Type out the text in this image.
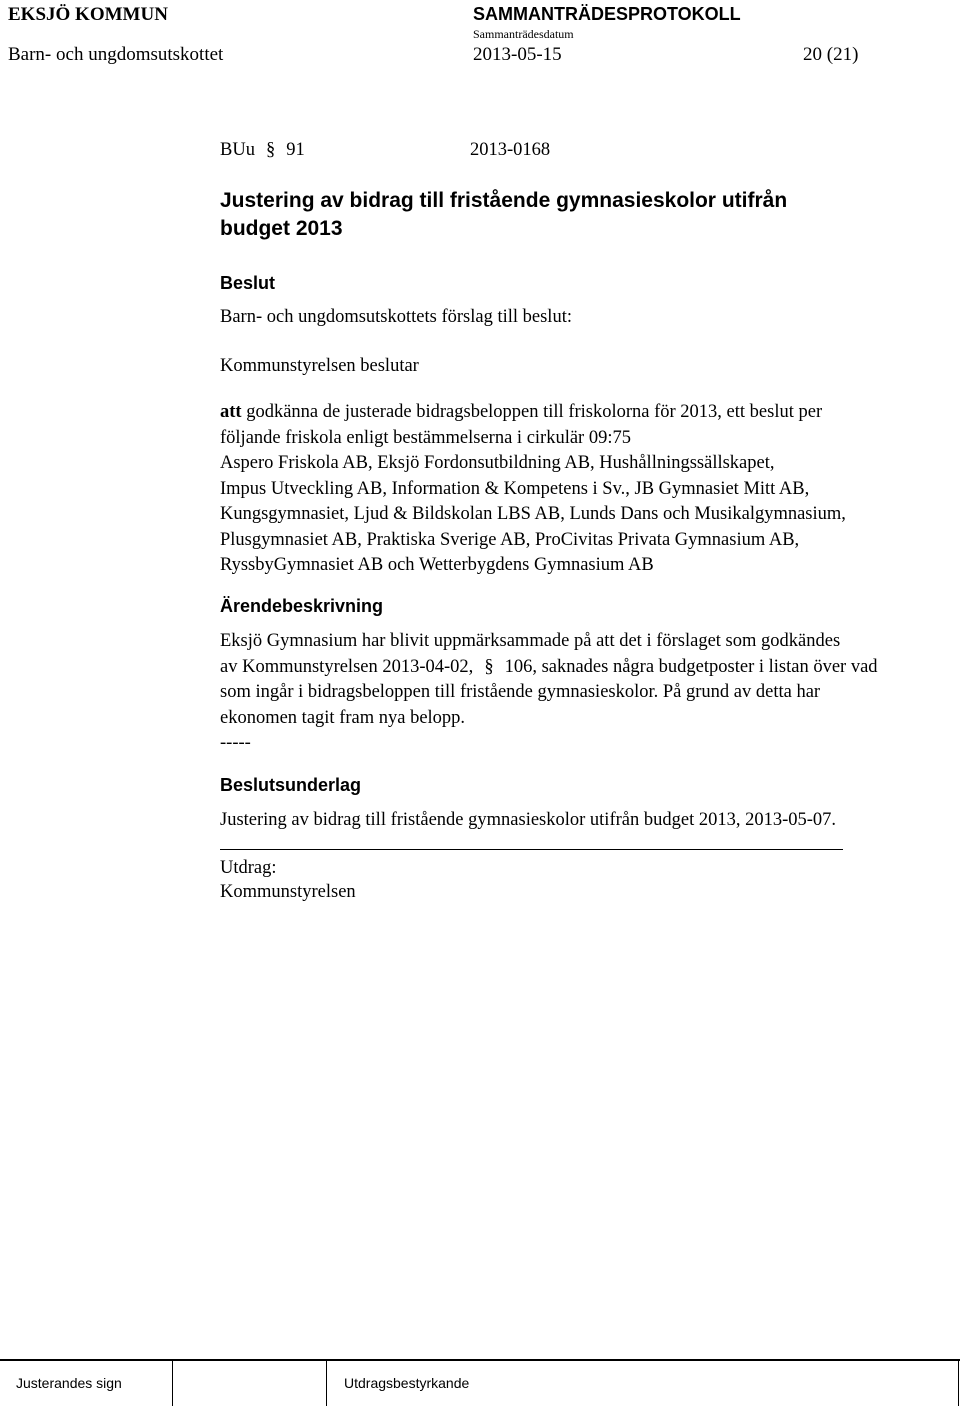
EKSJÖ KOMMUN	SAMMANTRÄDESPROTOKOLL
Sammanträdesdatum
Barn- och ungdomsutskottet	2013-05-15	20 (21)
BUu § 91	2013-0168
Justering av bidrag till fristående gymnasieskolor utifrån
budget 2013
Beslut
Barn- och ungdomsutskottets förslag till beslut:
Kommunstyrelsen beslutar

att godkänna de justerade bidragsbeloppen till friskolorna för 2013, ett beslut per

följande friskola enligt bestämmelserna i cirkulär 09:75

Aspero Friskola AB, Eksjö Fordonsutbildning AB, Hushållningssällskapet,

Impus Utveckling AB, Information & Kompetens i Sv., JB Gymnasiet Mitt AB,

Kungsgymnasiet, Ljud & Bildskolan LBS AB, Lunds Dans och Musikalgymnasium,

Plusgymnasiet AB, Praktiska Sverige AB, ProCivitas Privata Gymnasium AB,

RyssbyGymnasiet AB och Wetterbygdens Gymnasium AB

Ärendebeskrivning

Eksjö Gymnasium har blivit uppmärksammade på att det i förslaget som godkändes

av Kommunstyrelsen 2013-04-02, § 106, saknades några budgetposter i listan över vad

som ingår i bidragsbeloppen till fristående gymnasieskolor. På grund av detta har

ekonomen tagit fram nya belopp.

-----

Beslutsunderlag
Justering av bidrag till fristående gymnasieskolor utifrån budget 2013, 2013-05-07.
Utdrag:
Kommunstyrelsen
Justerandes sign	Utdragsbestyrkande
